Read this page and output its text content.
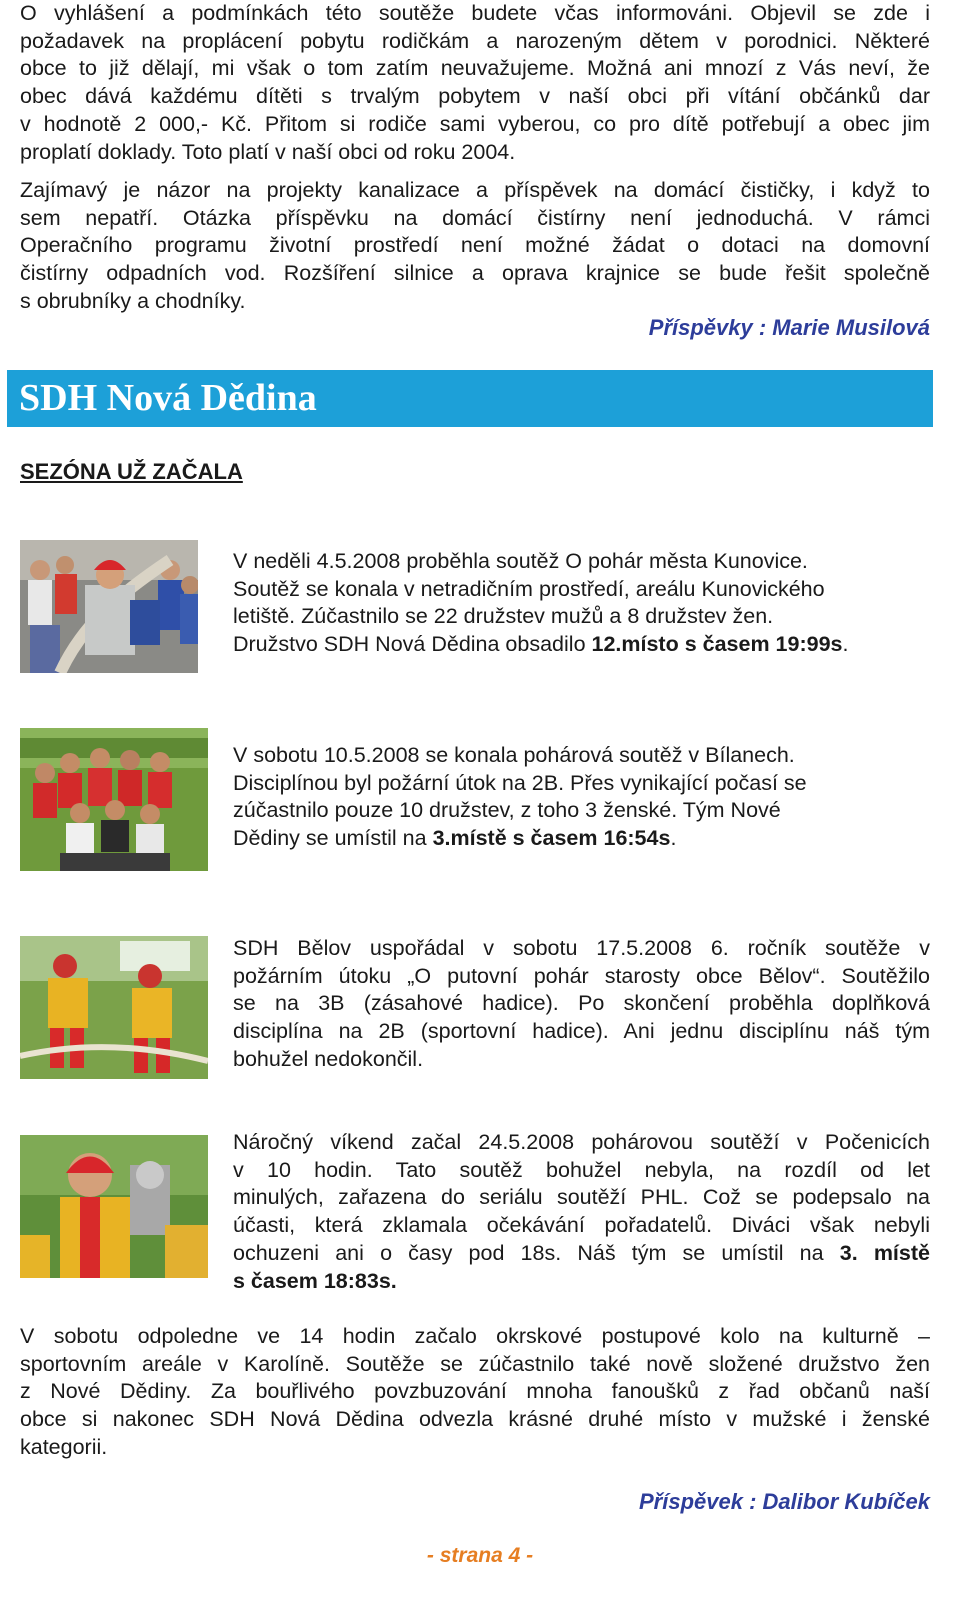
O vyhlášení a podmínkách této soutěže budete včas informováni. Objevil se zde i
požadavek na proplácení pobytu rodičkám a narozeným dětem v porodnici. Některé
obce to již dělají, mi však o tom zatím neuvažujeme. Možná ani mnozí z Vás neví, že
obec dává každému dítěti s trvalým pobytem v naší obci při vítání občánků dar
v hodnotě 2 000,- Kč. Přitom si rodiče sami vyberou, co pro dítě potřebují a obec jim
proplatí doklady. Toto platí v naší obci od roku 2004.
Zajímavý je názor na projekty kanalizace a příspěvek na domácí čističky, i když to
sem nepatří. Otázka příspěvku na domácí čistírny není jednoduchá. V rámci
Operačního programu životní prostředí není možné žádat o dotaci na domovní
čistírny odpadních vod. Rozšíření silnice a oprava krajnice se bude řešit společně
s obrubníky a chodníky.
Příspěvky : Marie Musilová
SDH Nová Dědina
SEZÓNA UŽ ZAČALA

V neděli 4.5.2008 proběhla soutěž O pohár města Kunovice.
Soutěž se konala v netradičním prostředí, areálu Kunovického
letiště. Zúčastnilo se 22 družstev mužů a 8 družstev žen.
Družstvo SDH Nová Dědina obsadilo 12.místo s časem 19:99s.

V sobotu 10.5.2008 se konala pohárová soutěž v Bílanech.
Disciplínou byl požární útok na 2B. Přes vynikající počasí se
zúčastnilo pouze 10 družstev, z toho 3 ženské. Tým Nové
Dědiny se umístil na 3.místě s časem 16:54s.

SDH Bělov uspořádal v sobotu 17.5.2008 6. ročník soutěže v
požárním útoku „O putovní pohár starosty obce Bělov“. Soutěžilo
se na 3B (zásahové hadice). Po skončení proběhla doplňková
disciplína na 2B (sportovní hadice). Ani jednu disciplínu náš tým
bohužel nedokončil.

Náročný víkend začal 24.5.2008 pohárovou soutěží v Počenicích
v 10 hodin. Tato soutěž bohužel nebyla, na rozdíl od let
minulých, zařazena do seriálu soutěží PHL. Což se podepsalo na
účasti, která zklamala očekávání pořadatelů. Diváci však nebyli
ochuzeni ani o časy pod 18s. Náš tým se umístil na 3. místě
s časem 18:83s.

V sobotu odpoledne ve 14 hodin začalo okrskové postupové kolo na kulturně –
sportovním areále v Karolíně. Soutěže se zúčastnilo také nově složené družstvo žen
z Nové Dědiny. Za bouřlivého povzbuzování mnoha fanoušků z řad občanů naší
obce si nakonec SDH Nová Dědina odvezla krásné druhé místo v mužské i ženské
kategorii.
Příspěvek : Dalibor Kubíček
- strana 4 -
